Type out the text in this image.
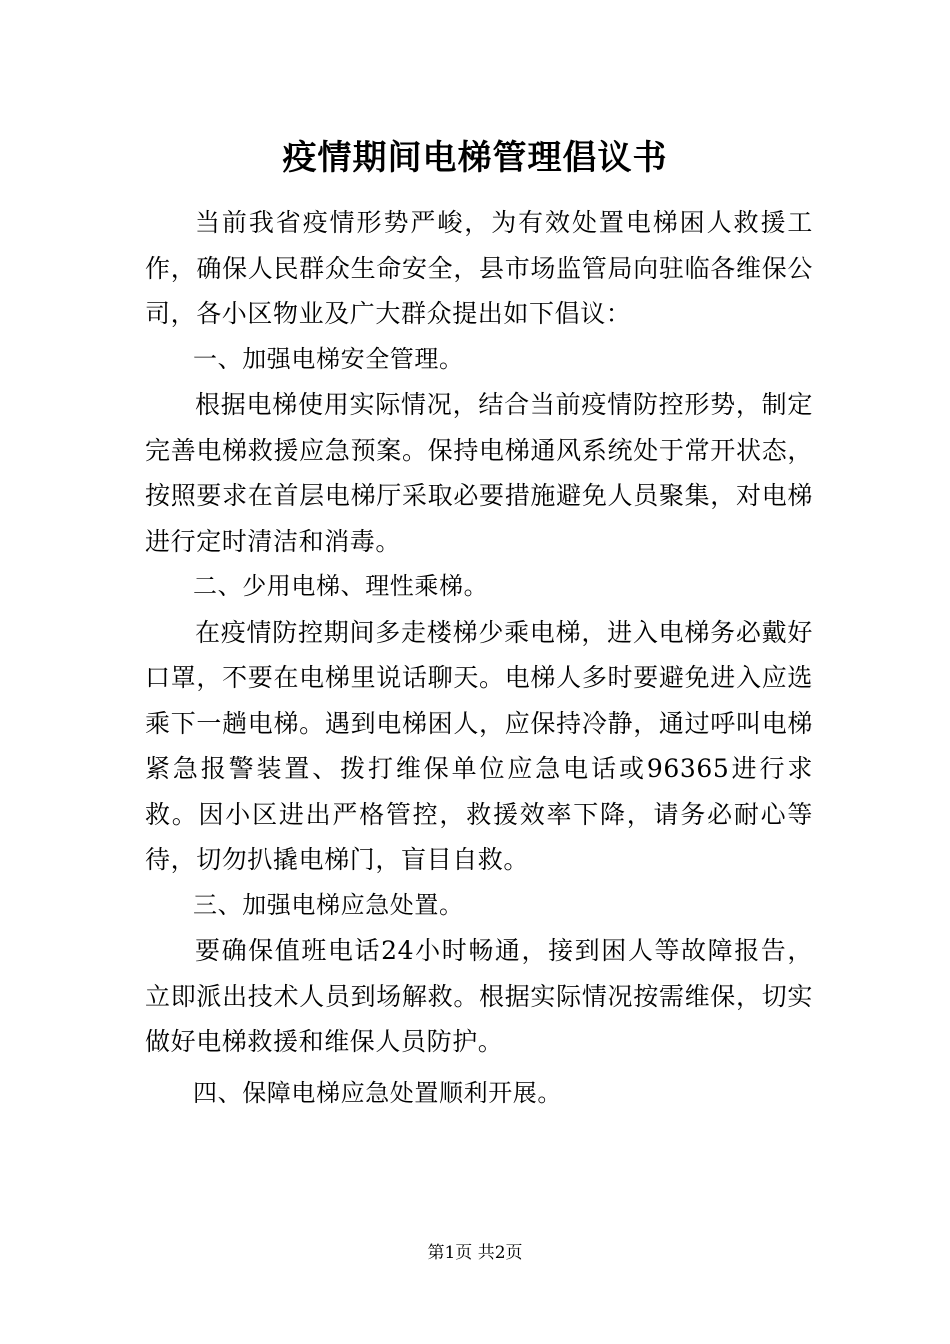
疫情期间电梯管理倡议书

当前我省疫情形势严峻，为有效处置电梯困人救援工作，确保人民群众生命安全，县市场监管局向驻临各维保公司，各小区物业及广大群众提出如下倡议：

一、加强电梯安全管理。

根据电梯使用实际情况，结合当前疫情防控形势，制定完善电梯救援应急预案。保持电梯通风系统处于常开状态，按照要求在首层电梯厅采取必要措施避免人员聚集，对电梯进行定时清洁和消毒。

二、少用电梯、理性乘梯。

在疫情防控期间多走楼梯少乘电梯，进入电梯务必戴好口罩，不要在电梯里说话聊天。电梯人多时要避免进入应选乘下一趟电梯。遇到电梯困人，应保持冷静，通过呼叫电梯紧急报警装置、拨打维保单位应急电话或96365进行求救。因小区进出严格管控，救援效率下降，请务必耐心等待，切勿扒撬电梯门，盲目自救。

三、加强电梯应急处置。

要确保值班电话24小时畅通，接到困人等故障报告，立即派出技术人员到场解救。根据实际情况按需维保，切实做好电梯救援和维保人员防护。

四、保障电梯应急处置顺利开展。

第1页 共2页
